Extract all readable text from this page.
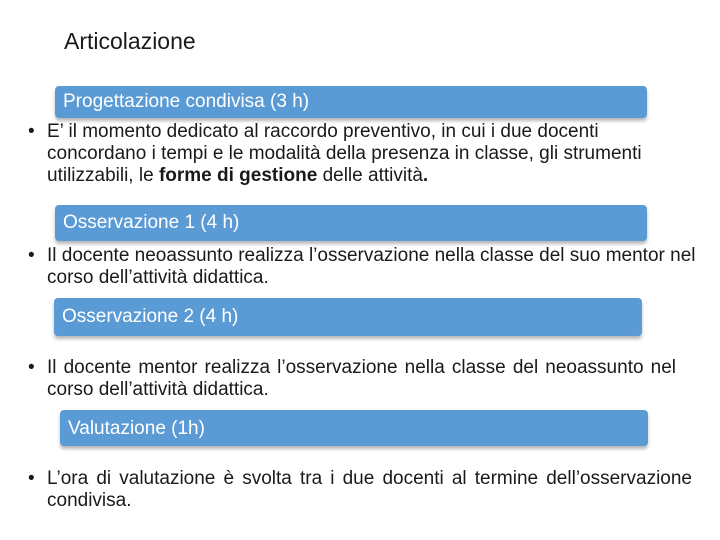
Articolazione
Progettazione condivisa (3 h)
• E’ il momento dedicato al raccordo preventivo, in cui i due docenti concordano i tempi e le modalità della presenza in classe, gli strumenti utilizzabili, le forme di gestione delle attività.
Osservazione 1 (4 h)
• Il docente neoassunto realizza l’osservazione nella classe del suo mentor nel corso dell’attività didattica.
Osservazione 2 (4 h)
• Il docente mentor realizza l’osservazione nella classe del neoassunto nel corso dell’attività didattica.
Valutazione (1h)
• L’ora di valutazione è svolta tra i due docenti al termine dell’osservazione condivisa.
